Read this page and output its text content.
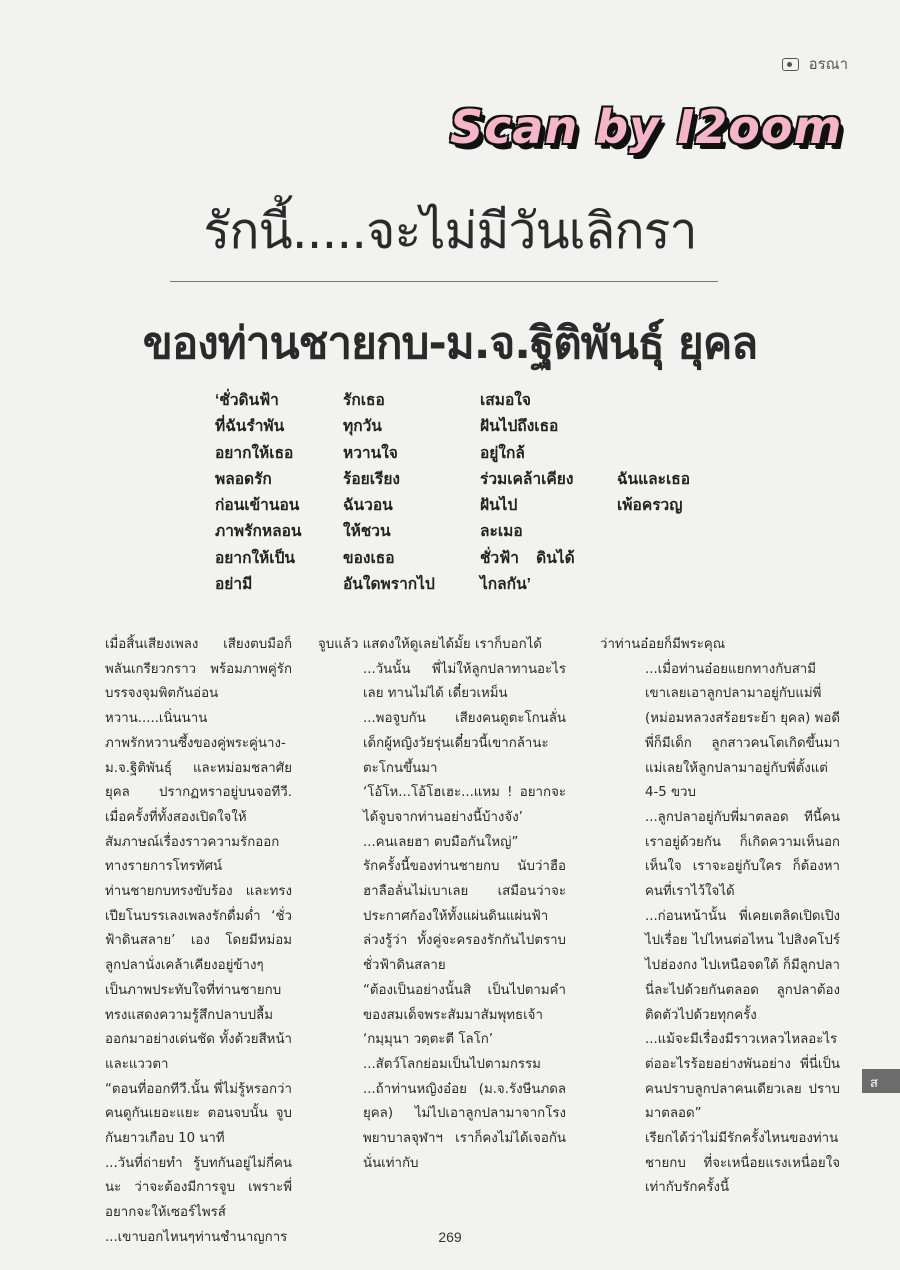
อรณา
Scan by I2oom
รักนี้.....จะไม่มีวันเลิกรา
ของท่านชายกบ-ม.จ.ฐิติพันธุ์ ยุคล
‘ชั่วดินฟ้า	รักเธอ	เสมอใจ
ที่ฉันรำพัน	ทุกวัน	ฝันไปถึงเธอ
อยากให้เธอ	หวานใจ	อยู่ใกล้
พลอดรัก	ร้อยเรียง	ร่วมเคล้าเคียง	ฉันและเธอ
ก่อนเข้านอน	ฉันวอน	ฝันไป	เพ้อครวญ
ภาพรักหลอน	ให้ชวน	ละเมอ
อยากให้เป็น	ของเธอ	ชั่วฟ้า    ดินได้
อย่ามี	อันใดพรากไป	ไกลกัน’

เมื่อสิ้นเสียงเพลง เสียงตบมือก็พลันเกรียวกราว พร้อมภาพคู่รักบรรจงจุมพิตกันอ่อนหวาน.....เนิ่นนาน

ภาพรักหวานซึ้งของคู่พระคู่นาง-ม.จ.ฐิติพันธุ์ และหม่อมชลาศัย ยุคล ปรากฏหราอยู่บนจอทีวี. เมื่อครั้งที่ทั้งสองเปิดใจให้สัมภาษณ์เรื่องราวความรักออกทางรายการโทรทัศน์

ท่านชายกบทรงขับร้อง และทรงเปียโนบรรเลงเพลงรักดื่มด่ำ ‘ชั่วฟ้าดินสลาย’ เอง โดยมีหม่อมลูกปลานั่งเคล้าเคียงอยู่ข้างๆ

เป็นภาพประทับใจที่ท่านชายกบทรงแสดงความรู้สึกปลาบปลื้มออกมาอย่างเด่นชัด ทั้งด้วยสีหน้าและแววตา

“ตอนที่ออกทีวี.นั้น พี่ไม่รู้หรอกว่าคนดูกันเยอะแยะ ตอนจบนั้น จูบกันยาวเกือบ 10 นาที

...วันที่ถ่ายทำ รู้บทกันอยู่ไม่กี่คนนะ ว่าจะต้องมีการจูบ เพราะพี่อยากจะให้เซอร์ไพรส์

...เขาบอกไหนๆท่านชำนาญการ

จูบแล้ว แสดงให้ดูเลยได้มั้ย เราก็บอกได้

...วันนั้น พี่ไม่ให้ลูกปลาทานอะไรเลย ทานไม่ได้ เดี๋ยวเหม็น

...พอจูบกัน เสียงคนดูตะโกนลั่น เด็กผู้หญิงวัยรุ่นเดี๋ยวนี้เขากล้านะตะโกนขึ้นมา

‘โอ้โห...โอ้โฮเฮะ...แหม ! อยากจะได้จูบจากท่านอย่างนี้บ้างจัง’

...คนเลยฮา ตบมือกันใหญ่”

รักครั้งนี้ของท่านชายกบ นับว่าฮือฮาลือลั่นไม่เบาเลย เสมือนว่าจะประกาศก้องให้ทั้งแผ่นดินแผ่นฟ้าล่วงรู้ว่า ทั้งคู่จะครองรักกันไปตราบชั่วฟ้าดินสลาย

“ต้องเป็นอย่างนั้นสิ เป็นไปตามคำของสมเด็จพระสัมมาสัมพุทธเจ้า

‘กมฺมุนา วตฺตะตี โลโก’

...สัตว์โลกย่อมเป็นไปตามกรรม

...ถ้าท่านหญิงอ๋อย (ม.จ.รังษีนภดล ยุคล) ไม่ไปเอาลูกปลามาจากโรงพยาบาลจุฬาฯ เราก็คงไม่ได้เจอกัน นั่นเท่ากับ

ว่าท่านอ๋อยก็มีพระคุณ

...เมื่อท่านอ๋อยแยกทางกับสามี เขาเลยเอาลูกปลามาอยู่กับแม่พี่ (หม่อมหลวงสร้อยระย้า ยุคล) พอดีพี่ก็มีเด็ก ลูกสาวคนโตเกิดขึ้นมา แม่เลยให้ลูกปลามาอยู่กับพี่ตั้งแต่ 4-5 ขวบ

...ลูกปลาอยู่กับพี่มาตลอด ทีนี้คนเราอยู่ด้วยกัน ก็เกิดความเห็นอกเห็นใจ เราจะอยู่กับใคร ก็ต้องหาคนที่เราไว้ใจได้

...ก่อนหน้านั้น พี่เคยเตลิดเปิดเปิงไปเรื่อย ไปไหนต่อไหน ไปสิงคโปร์ ไปฮ่องกง ไปเหนือจดใต้ ก็มีลูกปลานี่ละไปด้วยกันตลอด ลูกปลาต้องติดตัวไปด้วยทุกครั้ง

...แม้จะมีเรื่องมีราวเหลวไหลอะไรต่ออะไรร้อยอย่างพันอย่าง พี่นี่เป็นคนปราบลูกปลาคนเดียวเลย ปราบมาตลอด”

เรียกได้ว่าไม่มีรักครั้งไหนของท่านชายกบ ที่จะเหนื่อยแรงเหนื่อยใจเท่ากับรักครั้งนี้

ส
269
